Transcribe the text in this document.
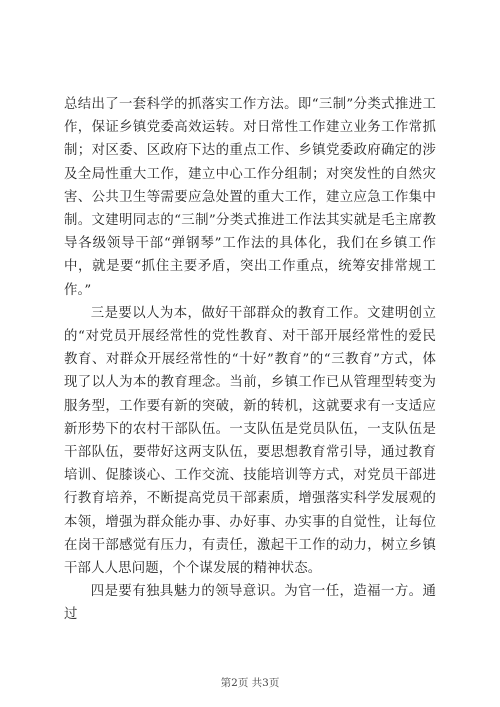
总结出了一套科学的抓落实工作方法。即“三制”分类式推进工作，保证乡镇党委高效运转。对日常性工作建立业务工作常抓制；对区委、区政府下达的重点工作、乡镇党委政府确定的涉及全局性重大工作，建立中心工作分组制；对突发性的自然灾害、公共卫生等需要应急处置的重大工作，建立应急工作集中制。文建明同志的“三制”分类式推进工作法其实就是毛主席教导各级领导干部“弹钢琴”工作法的具体化，我们在乡镇工作中，就是要“抓住主要矛盾，突出工作重点，统筹安排常规工作。”

三是要以人为本，做好干部群众的教育工作。文建明创立的“对党员开展经常性的党性教育、对干部开展经常性的爱民教育、对群众开展经常性的“十好”教育”的“三教育”方式，体现了以人为本的教育理念。当前，乡镇工作已从管理型转变为服务型，工作要有新的突破，新的转机，这就要求有一支适应新形势下的农村干部队伍。一支队伍是党员队伍，一支队伍是干部队伍，要带好这两支队伍，要思想教育常引导，通过教育培训、促膝谈心、工作交流、技能培训等方式，对党员干部进行教育培养，不断提高党员干部素质，增强落实科学发展观的本领，增强为群众能办事、办好事、办实事的自觉性，让每位在岗干部感觉有压力，有责任，激起干工作的动力，树立乡镇干部人人思问题，个个谋发展的精神状态。

四是要有独具魅力的领导意识。为官一任，造福一方。通过

第2页 共3页
